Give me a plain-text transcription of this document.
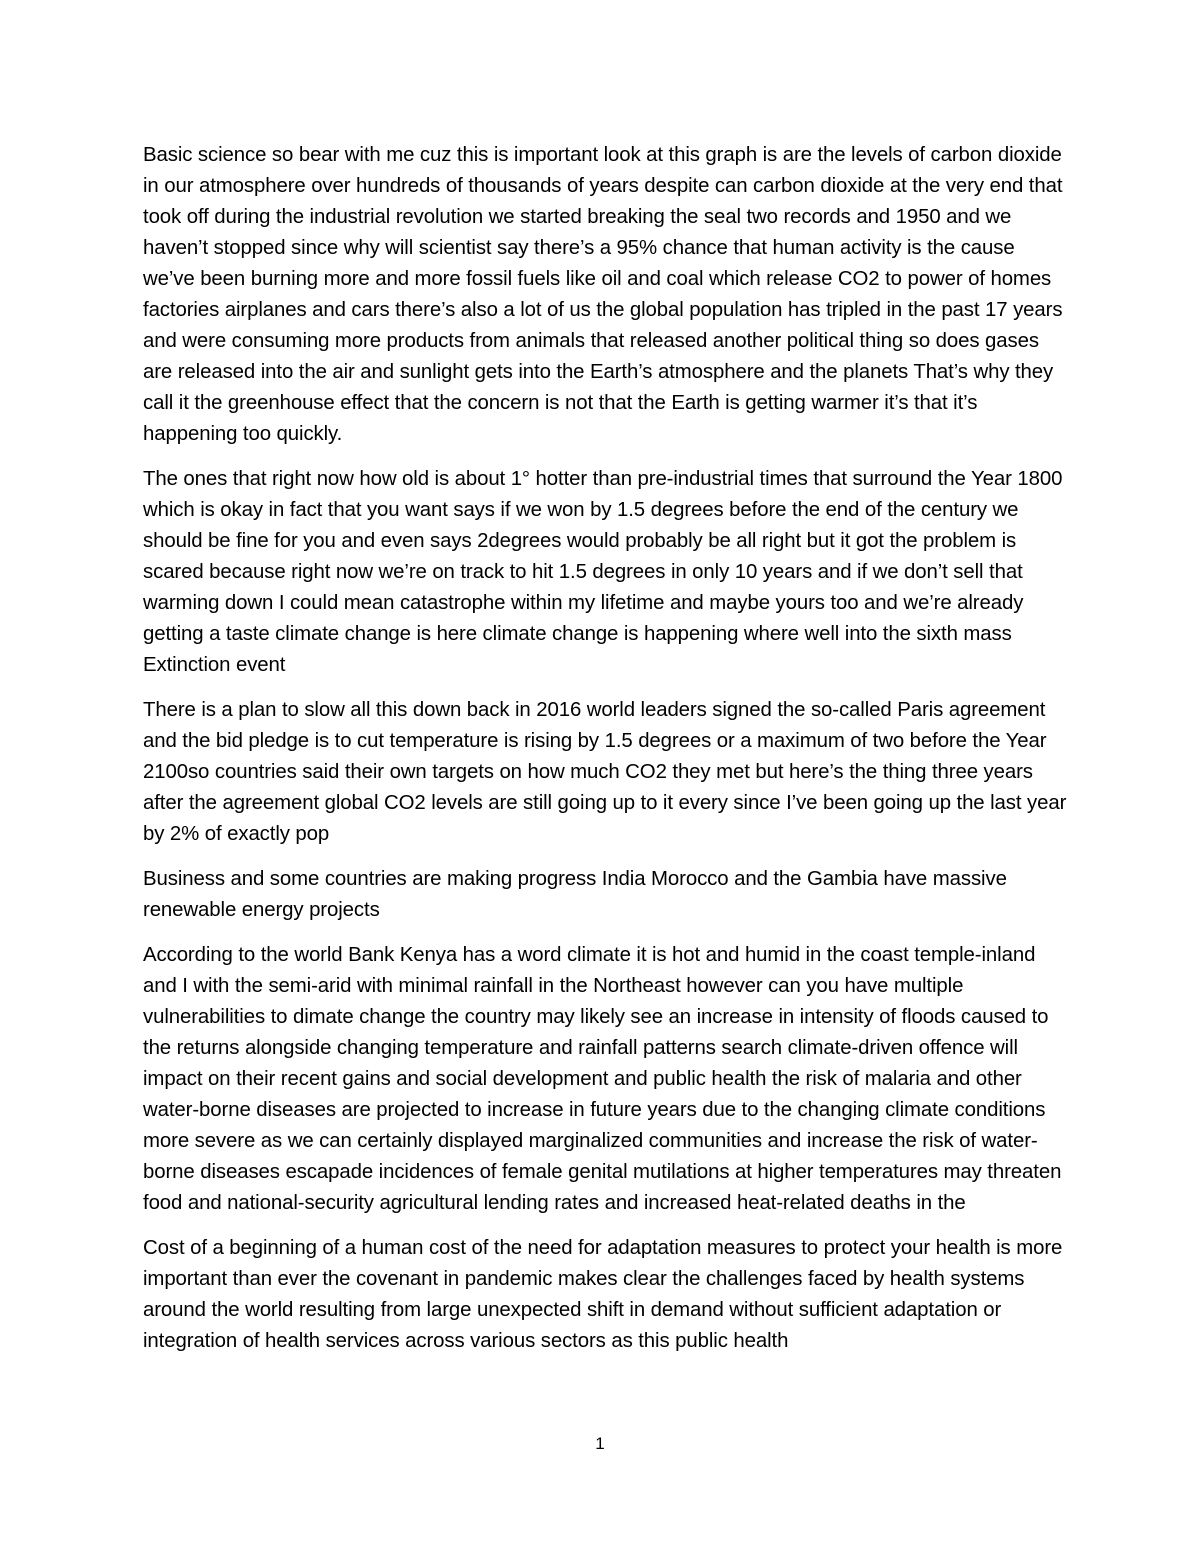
Basic science so bear with me cuz this is important look at this graph is are the levels of carbon dioxide in our atmosphere over hundreds of thousands of years despite can carbon dioxide at the very end that took off during the industrial revolution we started breaking the seal two records and 1950 and we haven’t stopped since why will scientist say there’s a 95% chance that human activity is the cause we’ve been burning more and more fossil fuels like oil and coal which release CO2 to power of homes factories airplanes and cars there’s also a lot of us the global population has tripled in the past 17 years and were consuming more products from animals that released another political thing so does gases are released into the air and sunlight gets into the Earth’s atmosphere and the planets That’s why they call it the greenhouse effect that the concern is not that the Earth is getting warmer it’s that it’s happening too quickly.

The ones that right now how old is about 1° hotter than pre-industrial times that surround the Year 1800 which is okay in fact that you want says if we won by 1.5 degrees before the end of the century we should be fine for you and even says 2degrees would probably be all right but it got the problem is scared because right now we’re on track to hit 1.5 degrees in only 10 years and if we don’t sell that warming down I could mean catastrophe within my lifetime and maybe yours too and we’re already getting a taste climate change is here climate change is happening where well into the sixth mass Extinction event

There is a plan to slow all this down back in 2016 world leaders signed the so-called Paris agreement and the bid pledge is to cut temperature is rising by 1.5 degrees or a maximum of two before the Year 2100so countries said their own targets on how much CO2 they met but here’s the thing three years after the agreement global CO2 levels are still going up to it every since I’ve been going up the last year by 2% of exactly pop

Business and some countries are making progress India Morocco and the Gambia have massive renewable energy projects

According to the world Bank Kenya has a word climate it is hot and humid in the coast temple-inland and I with the semi-arid with minimal rainfall in the Northeast however can you have multiple vulnerabilities to dimate change the country may likely see an increase in intensity of floods caused to the returns alongside changing temperature and rainfall patterns search climate-driven offence will impact on their recent gains and social development and public health the risk of malaria and other water-borne diseases are projected to increase in future years due to the changing climate conditions more severe as we can certainly displayed marginalized communities and increase the risk of water-borne diseases escapade incidences of female genital mutilations at higher temperatures may threaten food and national-security agricultural lending rates and increased heat-related deaths in the

Cost of a beginning of a human cost of the need for adaptation measures to protect your health is more important than ever the covenant in pandemic makes clear the challenges faced by health systems around the world resulting from large unexpected shift in demand without sufficient adaptation or integration of health services across various sectors as this public health

1
